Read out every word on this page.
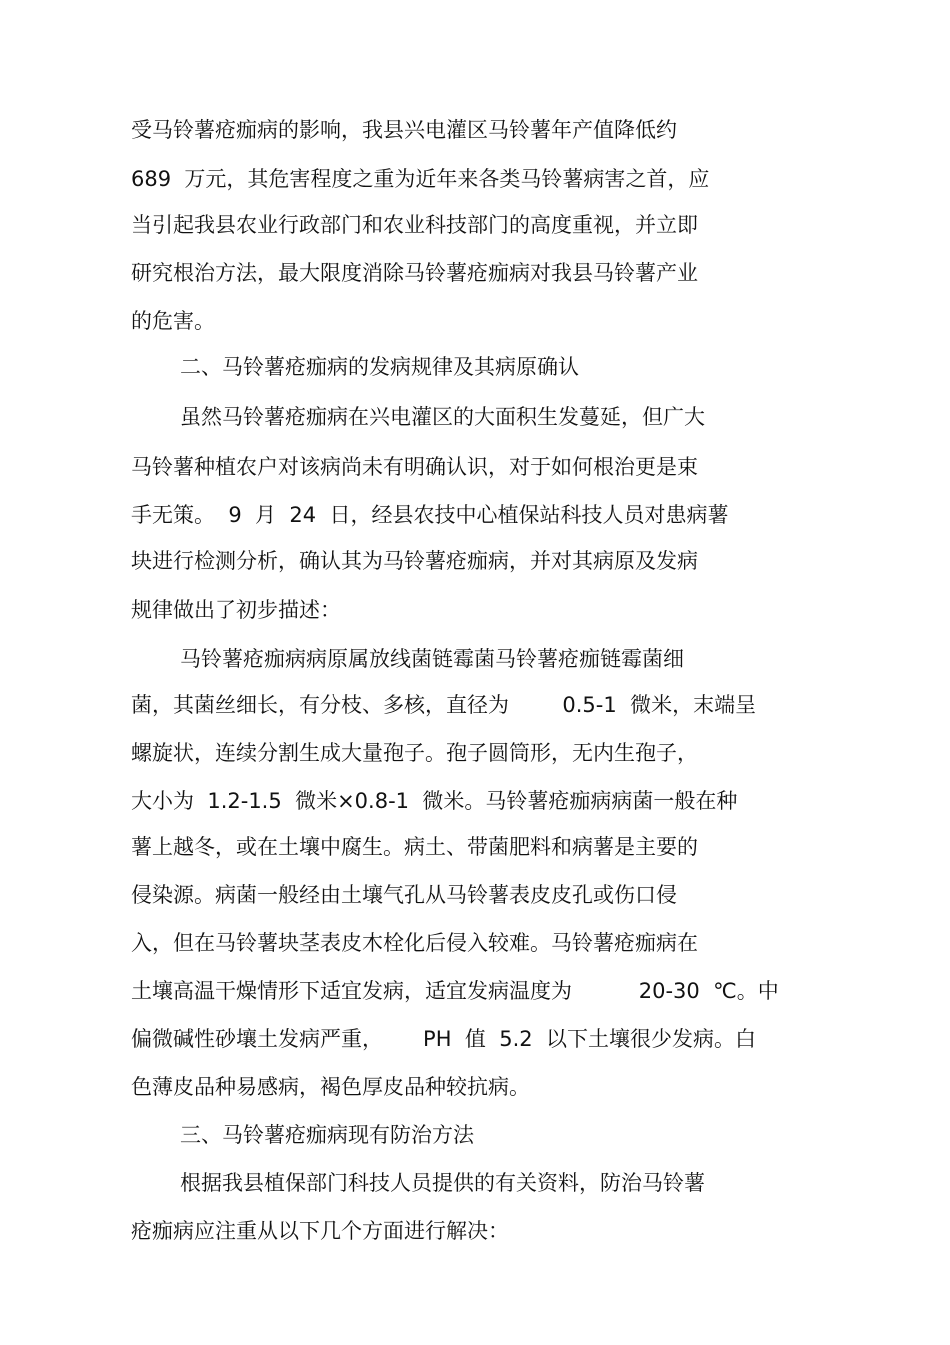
受马铃薯疮痂病的影响，我县兴电灌区马铃薯年产值降低约
689  万元，其危害程度之重为近年来各类马铃薯病害之首，应
当引起我县农业行政部门和农业科技部门的高度重视，并立即
研究根治方法，最大限度消除马铃薯疮痂病对我县马铃薯产业
的危害。
二、马铃薯疮痂病的发病规律及其病原确认
虽然马铃薯疮痂病在兴电灌区的大面积生发蔓延，但广大
马铃薯种植农户对该病尚未有明确认识，对于如何根治更是束
手无策。  9  月  24  日，经县农技中心植保站科技人员对患病薯
块进行检测分析，确认其为马铃薯疮痂病，并对其病原及发病
规律做出了初步描述：
马铃薯疮痂病病原属放线菌链霉菌马铃薯疮痂链霉菌细
菌，其菌丝细长，有分枝、多核，直径为        0.5-1  微米，末端呈
螺旋状，连续分割生成大量孢子。孢子圆筒形，无内生孢子，
大小为  1.2-1.5  微米×0.8-1  微米。马铃薯疮痂病病菌一般在种
薯上越冬，或在土壤中腐生。病土、带菌肥料和病薯是主要的
侵染源。病菌一般经由土壤气孔从马铃薯表皮皮孔或伤口侵
入，但在马铃薯块茎表皮木栓化后侵入较难。马铃薯疮痂病在
土壤高温干燥情形下适宜发病，适宜发病温度为          20-30  ℃。中
偏微碱性砂壤土发病严重，      PH  值  5.2  以下土壤很少发病。白
色薄皮品种易感病，褐色厚皮品种较抗病。
三、马铃薯疮痂病现有防治方法
根据我县植保部门科技人员提供的有关资料，防治马铃薯
疮痂病应注重从以下几个方面进行解决：
